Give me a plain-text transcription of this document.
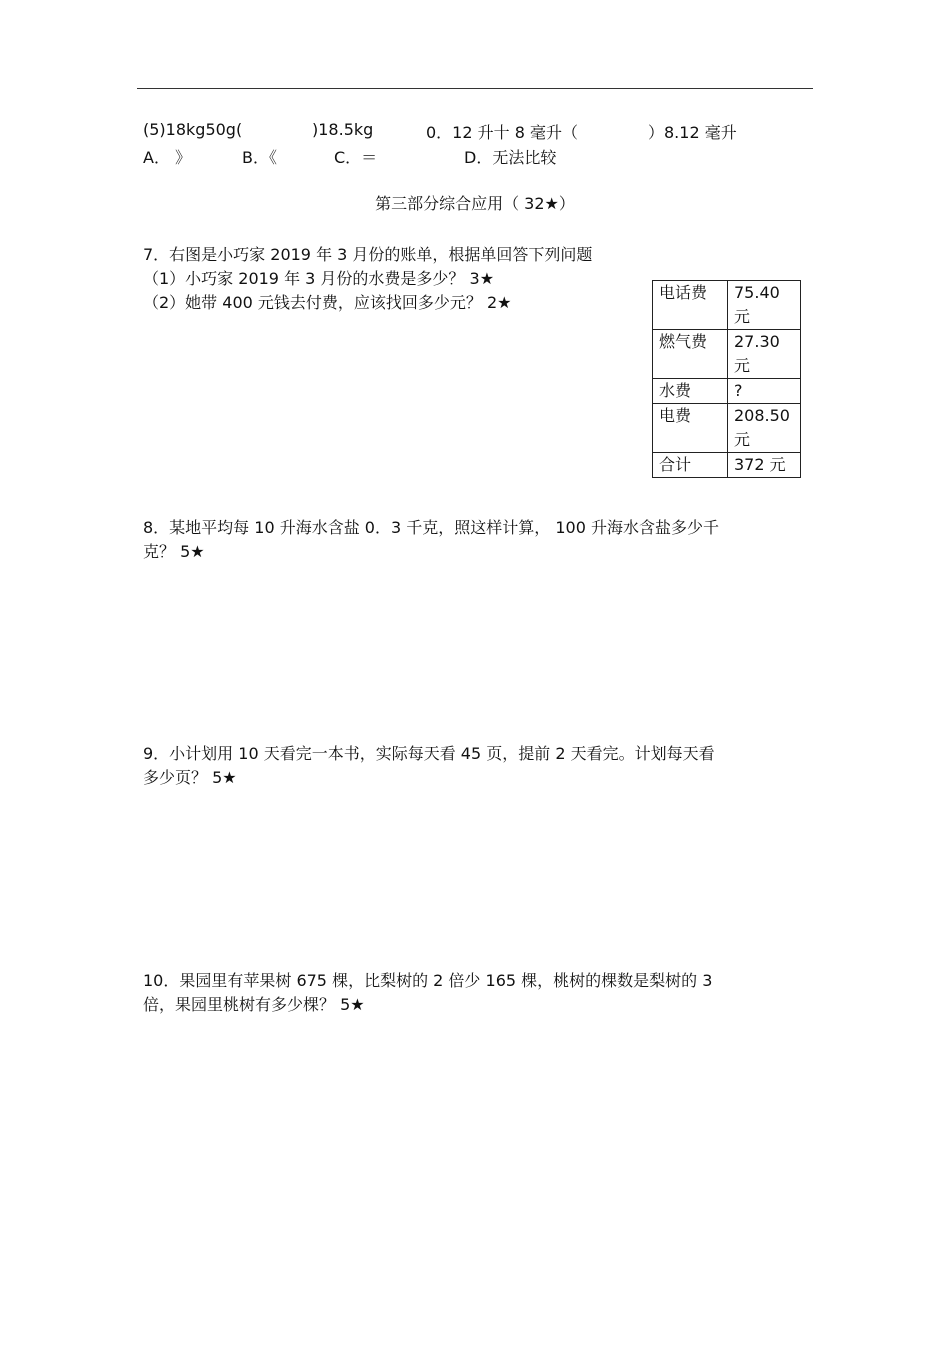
(5)18kg50g(	)18.5kg	0．12 升十 8 毫升（	）8.12 毫升
A． 》	B．《	C．＝	D．无法比较
第三部分综合应用（ 32★）
7．右图是小巧家 2019 年 3 月份的账单，根据单回答下列问题
（1）小巧家 2019 年 3 月份的水费是多少？ 3★
（2）她带 400 元钱去付费，应该找回多少元？ 2★
电话费	75.40 元
燃气费	27.30 元
水费	?
电费	208.50 元
合计	372 元
8．某地平均每 10 升海水含盐 0．3 千克，照这样计算， 100 升海水含盐多少千
克？ 5★
9．小计划用 10 天看完一本书，实际每天看 45 页，提前 2 天看完。计划每天看
多少页？ 5★
10．果园里有苹果树 675 棵，比梨树的 2 倍少 165 棵，桃树的棵数是梨树的 3
倍，果园里桃树有多少棵？ 5★
